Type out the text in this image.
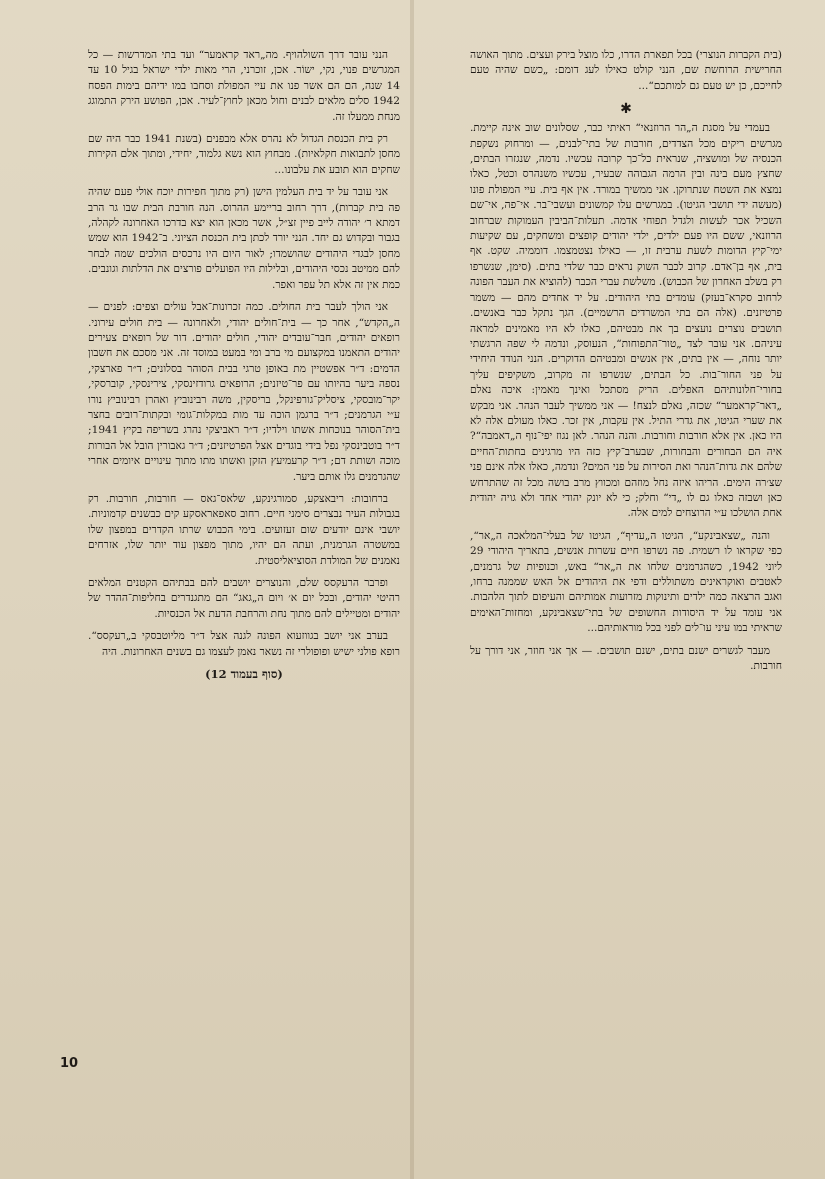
(בית הקברות הנוצרי) בכל תפארת הדרו, כלו מוצל בירק ועצים. מתוך האושה החרישית הרוחשת שם, הנני קולט כאילו לעג דומם: „כשם שהיה טעם לחייכם, כן יש טעם גם למותכם“...

✱

בעמדי על מסגת ה„הר הרוזנאי“ ראיתי כבר, שסלונים שוב אינה קיימת. מגרשים ריקים מכל הצדדים, חורבות של בתי־לבנים, — ומרחוק נשקפת הכנסיה של ומושציה, שנראית כל־כך קרובה עכשיו. נדמה, שנגזרו הבתים, שחצץ מעם בינה ובין הרמה הגבוהה שבעיר, עכשיו משנהרס וכטל, כאלו נמצא את השטח שנתרוקן. אני ממשיך במורד. אין אף בית. עיי המפולת פונו (מעשה ידי תושבי הגיטו). במגרשים עלו קמשונים ועשבי־בר. אי־פה, אי־שם השכיל אכר לעשות ולגדל תפוחי אדמה. תעלות־הביבין העמוקות שברחוב הרוזנאי, ששם היו פעם ילדים, ילדי יהודים קופצים ומשחקים, עם שקיעות ימי־קיץ הדומות לשעת ערבית זו, — כאילו נצטמצמו. דוממיה. שקט. אף בית, אף בן־אדם. קרוב לכבר השוק נראים כבר שלדי בתים. (סימן, שנשרפו רק בשלב האחרון של הכבוש). משלשת עברי הכבר (להוציא את העבר הפונה לרחוב סקרא־בעזק) עומדים בתי היהודים. על יד אחדים מהם — משמר פרטיזנים. (אלה הם בתי המשרדים הרשמיים). הגך נתקל כבר באנשים. תושבים נוצרים נועצים בך את מבטיהם, כאלו לא היו מאמינים למראה עיניהם. אני עובר לצד „טור־התפוחות“, הנעוסק, ונדמה לי שפה הרגשתי יותר נוחה, — אין בתים, אין אנשים ומבטיהם הדוקרים. הנני הנודד היחידי על פני החור־בות. כל הבתים, שנשרפו זה מקרוב, משקיפים עליך בחורי־חלונותיהם האפלים. הריק מסתכל ואינך מאמין: איכה נאלם „דאר־קראמער“ שכזה, נאלם לנצח! — אני ממשיך לעבר הנהר. אני מבקש את שערי הגיטו, את גדרי התיל. אין עקבות, אין זכר. כאלו מעולם אלה לא היו כאן. אין אלא חורבות וחורבות. והנה הנהר. לאן נגוז יפי־נוף ה„דאמבה“? איה הם הבחורים והבחורות, שבערב־קיץ כזה היו מרגינים בחתות־החיים שלהם את גדות־הנהר ואת הסירות על פני המים? ונדמה, כאלו אלה אינם פני שצ׳רה הימים. הריהו איזה נחל מוזהם ומכווץ מרב בושה מכל זה שהתרחש כאן ושבזה כאלו גם לו „די“ וחלק; כי לא יונק יהודי אחד ולא גויה יהודית אחת הושלכו ע״י הרוצחים למים אלה.

והנה „שצאבינקע“, הגיטו ה„עדיף“, הגיטו של בעלי־המלאכה ה„אר“, כפי שקראו לו רשמית. פה נשרפו חיים עשרות אנשים, בתאריך היהודי 29 ליוני 1942, כשהגרמנים שלחו את ה„אר“ באש, וכנופיות של גרמנים, לאטבים ואוקראינים משתוללים ודפי את היהודים אל האש שממנה ברחו, ואגב הרצאה כמה ילדים ותינוקות מזרועות אמותיהם והעיפום לתוך הלהבות. אני עומד על יד היסודות החשופים של בתי־שצאבינקע, ומחזות־האימים שראיתי במו עיני עו־לים לפני בכל מוראותיהם...

מעבר לגשרים ישנם בתים, ישנם תושבים. — אך אני חוזר, אני דורך על חורבות.

הנני עובר דרך השולהויף. מה„ראד קראמער“ ועד בתי המדרשות — כל המגרשים פנוי, נקי, ישוֹר. אכן, זוכרני, הרי מאות ילדי ישראל בגיל 10 עד 14 שנה, הם הם אשר פנו את עיי המפולת וסחבו במו ידיהם בימות הפסח 1942 סלים מלאים לבנים וחול מכאן לחוץ־לעיר. אכן, הפושע הירק התמוגג מנחת ממעלו זה.

רק בית הכנסת הגדול לא נהרס אלא מבפנים (בשנת 1941 כבר היה שם מחסן לתבואות חקלאיות). מבחוץ הוא נשא גלמוד, יחידי, ומתוך אלם הקירות שחקים הוא תובע את עלבונו...

אני עובר על יד בית העלמין הישן (רק מתוך חפירות יוכח אולי פעם שהיה פה בית קברות), דרך רחוב בריימע ההרוס. הנה חורבת הבית שבו גר הרב דמתא ר׳ יהודה לייב פיין זצ״ל, אשר מכאן הוא יצא בדרכו האחרונה לקהלה, בגבור ובקדוש גם יחד. הנני יורד לכתן בית הכנסת הציוני. ב־1942 הוא שמש מחסן לבגדי היהודים שהושמדו; לאור היום היו נרכסים הולכים שמה לבחר להם ממיטב נכסי היהודים, ובלילות היו הפועלים פורצים את הדלתות וגונבים. כמת אין זה אלא תל עפר ואפר.

אני הולך לעבר בית החולים. כמה זכרונות־אבל עולים וצפים: לפנים — ה„הקדש“, אחר כך — בית־חולים יהודי, ולאחרונה — בית חולים עירוני. רופאים יהודים, חבר־עובדים יהודי, חולים יהודים. דור של רופאים צעירים יהודים התאמנו במקצועם מי ברב ומי במעט במוסד זה. אני מסכם את חשבון הדמים: ד״ר אפשטיין מת באופן טרגי בבית הסוהר בסלונים; ד״ר פארצקי, נספה ביער בהיותו עם פר־טיזנים; הרופאים גרודזינסקי, צירינסקי, קוברסקי, יקר־מובסקי, ציסליק־גורפינקל, בריסקין, משה רבינוביץ ואהרן רבינוביץ נורו ע״י הגרמנים; ד״ר ברגמן הוכה עד מות במקלות־גומי ובקתות־רובים בחצר בית־הסוהר בנוכחות אשתו וילדיו; ד״ר ראביצקי נהרג בשריפה בקיץ 1941; ד״ר בוטבינסקי נפל בידי בוגדים אצל הפרטיזנים; ד״ר גאבורין הובל אל הבורות מוכה ושותת דם; ד״ר קרעמיעץ הזקן ואשתו מתו מתוך עינויים איומים אחרי שהגרמנים גלו אותם ביער.

ברחובות: ריבאצקע, סמורגינקע, שלאס־גאס — חורבות, חורבות. רק בגבולות העיר נבצרים סימני חיים. רחוב סאפאראסקע קים כבשנים קדמוניות. יושבי אינם יודעים שום זעזועים. בימי הכבוש שרתו הקדרים במפצון שלו במשטרה הגרמנית, ועתה הם יהיו, מתוך מפצון עוד יותר שלו, אזרחים נאמנים של המולדת הסוציאליסטית.

ופרבר הרעקסס שלם, והנוצרים יושבים להם בבתיהם הקטנים המלאים רהיטי יהודים, ובכל יום א׳ ויום ה„גאג“ הם מתגנדרים בחליפות־ההדר של יהודים ומטיילים להם מתוך נחת והרחבת הדעת אל הכנסיות.

בערב אני יושב בגווזעוא הפונה לגנה אצל ד״ר מליוטבסקי ב„רעקסס“. רופא פולני ישיש ופופולרי זה נשאר נאמן לעצמו גם בשנים האחרונות. היה

(סוף בעמוד 12)
10
